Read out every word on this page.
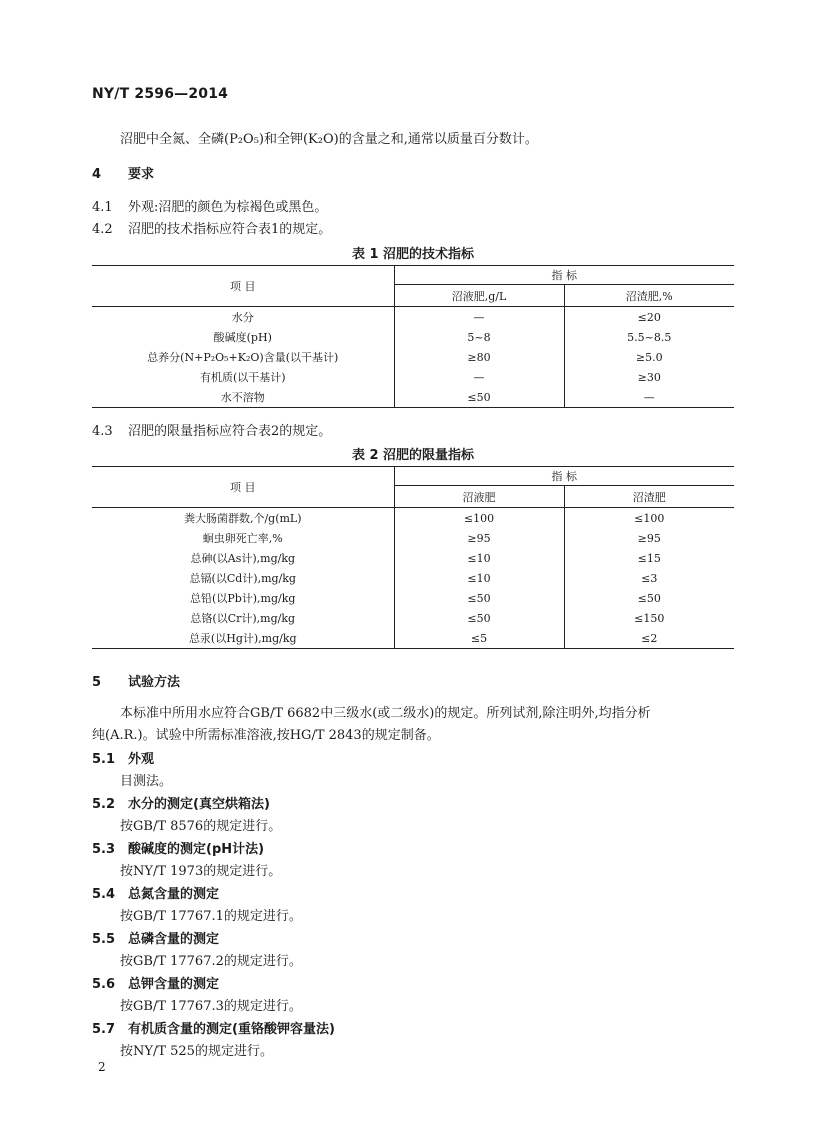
NY/T 2596—2014
沼肥中全氮、全磷(P₂O₅)和全钾(K₂O)的含量之和,通常以质量百分数计。
4 要求
4.1 外观:沼肥的颜色为棕褐色或黑色。
4.2 沼肥的技术指标应符合表1的规定。
表 1 沼肥的技术指标
项 目	指 标	
	沼液肥,g/L	沼渣肥,%
水分	—	≤20
酸碱度(pH)	5~8	5.5~8.5
总养分(N+P₂O₅+K₂O)含量(以干基计)	≥80	≥5.0
有机质(以干基计)	—	≥30
水不溶物	≤50	—
4.3 沼肥的限量指标应符合表2的规定。
表 2 沼肥的限量指标
项 目	指 标	
	沼液肥	沼渣肥
粪大肠菌群数,个/g(mL)	≤100	≤100
蛔虫卵死亡率,%	≥95	≥95
总砷(以As计),mg/kg	≤10	≤15
总镉(以Cd计),mg/kg	≤10	≤3
总铅(以Pb计),mg/kg	≤50	≤50
总铬(以Cr计),mg/kg	≤50	≤150
总汞(以Hg计),mg/kg	≤5	≤2
5 试验方法
本标准中所用水应符合GB/T 6682中三级水(或二级水)的规定。所列试剂,除注明外,均指分析
纯(A.R.)。试验中所需标准溶液,按HG/T 2843的规定制备。
5.1 外观
目测法。
5.2 水分的测定(真空烘箱法)
按GB/T 8576的规定进行。
5.3 酸碱度的测定(pH计法)
按NY/T 1973的规定进行。
5.4 总氮含量的测定
按GB/T 17767.1的规定进行。
5.5 总磷含量的测定
按GB/T 17767.2的规定进行。
5.6 总钾含量的测定
按GB/T 17767.3的规定进行。
5.7 有机质含量的测定(重铬酸钾容量法)
按NY/T 525的规定进行。
2
